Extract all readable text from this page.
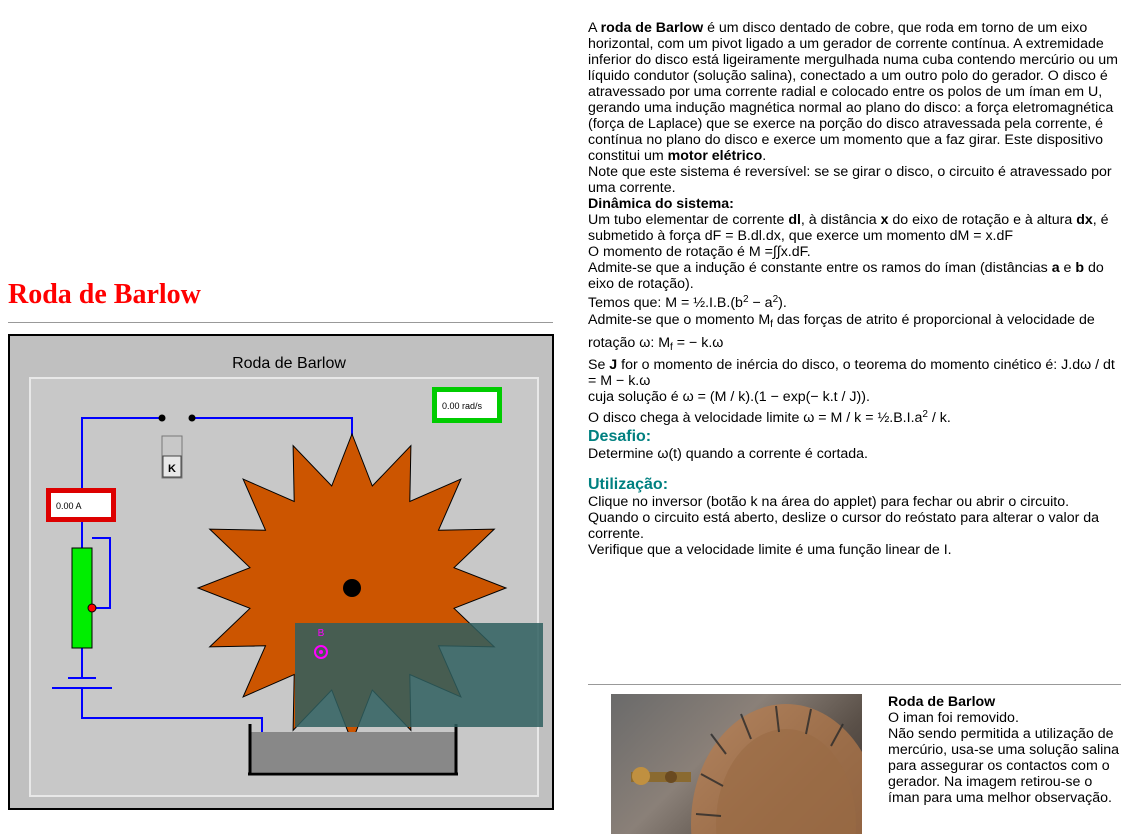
Roda de Barlow
Roda de Barlow
K
0.00 A
0.00 rad/s
B

A roda de Barlow é um disco dentado de cobre, que roda em torno de um eixo horizontal, com um pivot ligado a um gerador de corrente contínua. A extremidade inferior do disco está ligeiramente mergulhada numa cuba contendo mercúrio ou um líquido condutor (solução salina), conectado a um outro polo do gerador. O disco é atravessado por uma corrente radial e colocado entre os polos de um íman em U, gerando uma indução magnética normal ao plano do disco: a força eletromagnética (força de Laplace) que se exerce na porção do disco atravessada pela corrente, é contínua no plano do disco e exerce um momento que a faz girar. Este dispositivo constitui um motor elétrico.

Note que este sistema é reversível: se se girar o disco, o circuito é atravessado por uma corrente.

Dinâmica do sistema:

Um tubo elementar de corrente dl, à distância x do eixo de rotação e à altura dx, é submetido à força dF = B.dl.dx, que exerce um momento dM = x.dF

O momento de rotação é M =∫∫x.dF.

Admite-se que a indução é constante entre os ramos do íman (distâncias a e b do eixo de rotação).

Temos que: $M = \frac{1}{2}.I.B.(b^2 - a^2)$.

Admite-se que o momento $M_f$ das forças de atrito é proporcional à velocidade de rotação ω: $M_f$ = − k.ω

Se J for o momento de inércia do disco, o teorema do momento cinético é: J.dω / dt = M − k.ω

cuja solução é ω = (M / k).(1 − exp(− k.t / J)).

O disco chega à velocidade limite $\omega = M / k = \frac{1}{2}.B.I.a^2 / k$.

Desafio:

Determine ω(t) quando a corrente é cortada.

Utilização:

Clique no inversor (botão k na área do applet) para fechar ou abrir o circuito.

Quando o circuito está aberto, deslize o cursor do reóstato para alterar o valor da corrente.

Verifique que a velocidade limite é uma função linear de I.

Roda de Barlow

O iman foi removido.

Não sendo permitida a utilização de mercúrio, usa-se uma solução salina para assegurar os contactos com o gerador. Na imagem retirou-se o íman para uma melhor observação.
